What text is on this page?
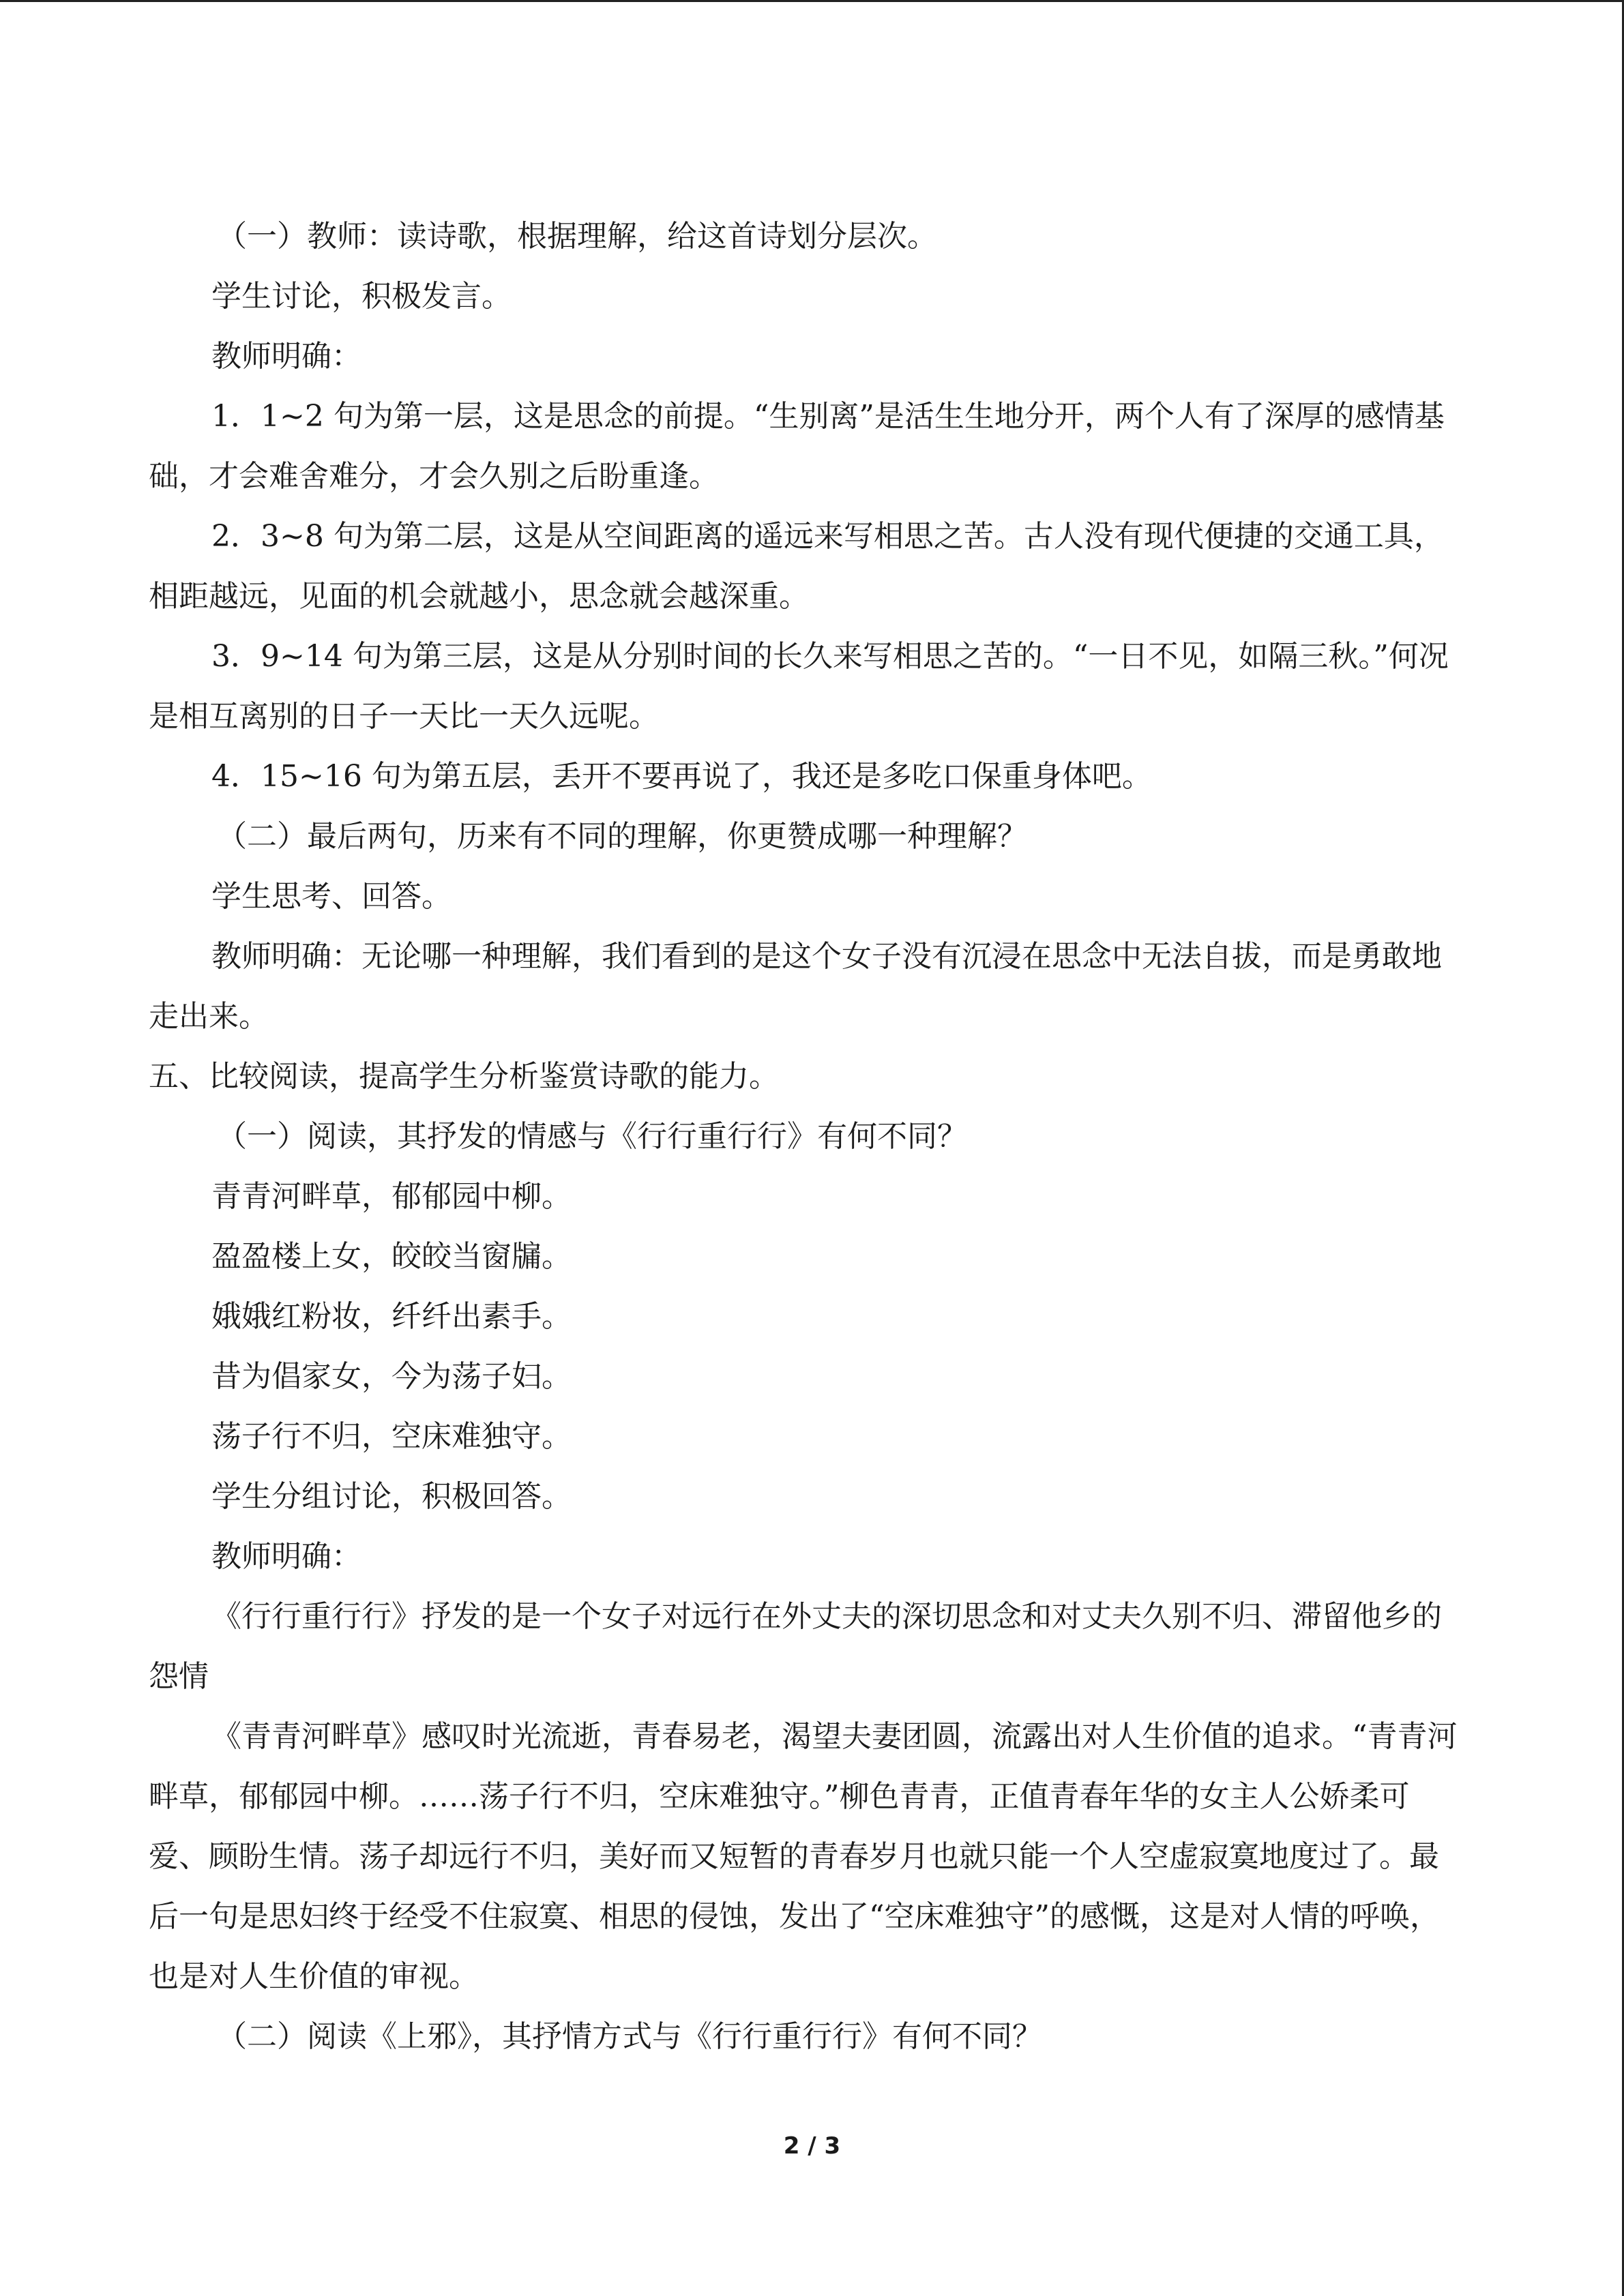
（一）教师：读诗歌，根据理解，给这首诗划分层次。

学生讨论，积极发言。

教师明确：

1．1~2 句为第一层，这是思念的前提。“生别离”是活生生地分开，两个人有了深厚的感情基础，才会难舍难分，才会久别之后盼重逢。

2．3~8 句为第二层，这是从空间距离的遥远来写相思之苦。古人没有现代便捷的交通工具，相距越远，见面的机会就越小，思念就会越深重。

3．9~14 句为第三层，这是从分别时间的长久来写相思之苦的。“一日不见，如隔三秋。”何况是相互离别的日子一天比一天久远呢。

4．15~16 句为第五层，丢开不要再说了，我还是多吃口保重身体吧。

（二）最后两句，历来有不同的理解，你更赞成哪一种理解？

学生思考、回答。

教师明确：无论哪一种理解，我们看到的是这个女子没有沉浸在思念中无法自拔，而是勇敢地走出来。

五、比较阅读，提高学生分析鉴赏诗歌的能力。

（一）阅读，其抒发的情感与《行行重行行》有何不同？

青青河畔草，郁郁园中柳。

盈盈楼上女，皎皎当窗牖。

娥娥红粉妆，纤纤出素手。

昔为倡家女，今为荡子妇。

荡子行不归，空床难独守。

学生分组讨论，积极回答。

教师明确：

《行行重行行》抒发的是一个女子对远行在外丈夫的深切思念和对丈夫久别不归、滞留他乡的怨情

《青青河畔草》感叹时光流逝，青春易老，渴望夫妻团圆，流露出对人生价值的追求。“青青河畔草，郁郁园中柳。……荡子行不归，空床难独守。”柳色青青，正值青春年华的女主人公娇柔可爱、顾盼生情。荡子却远行不归，美好而又短暂的青春岁月也就只能一个人空虚寂寞地度过了。最后一句是思妇终于经受不住寂寞、相思的侵蚀，发出了“空床难独守”的感慨，这是对人情的呼唤，也是对人生价值的审视。

（二）阅读《上邪》，其抒情方式与《行行重行行》有何不同？

2 / 3
